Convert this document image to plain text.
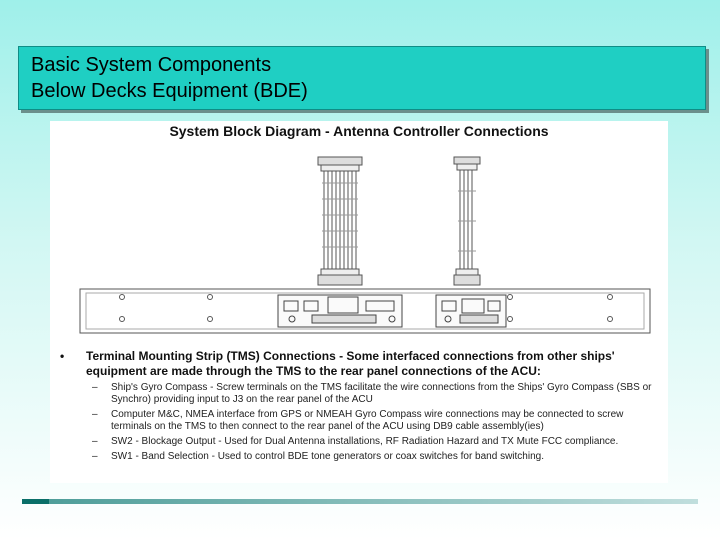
Basic System Components
Below Decks Equipment (BDE)
System Block Diagram - Antenna Controller Connections
• Terminal Mounting Strip (TMS) Connections - Some interfaced connections from other ships' equipment are made through the TMS to the rear panel connections of the ACU:
– Ship's Gyro Compass - Screw terminals on the TMS facilitate the wire connections from the Ships' Gyro Compass (SBS or Synchro) providing input to J3 on the rear panel of the ACU
– Computer M&C, NMEA interface from GPS or NMEAH Gyro Compass wire connections may be connected to screw terminals on the TMS to then connect to the rear panel of the ACU using DB9 cable assembly(ies)
– SW2 - Blockage Output - Used for Dual Antenna installations, RF Radiation Hazard and TX Mute FCC compliance.
– SW1 - Band Selection - Used to control BDE tone generators or coax switches for band switching.
